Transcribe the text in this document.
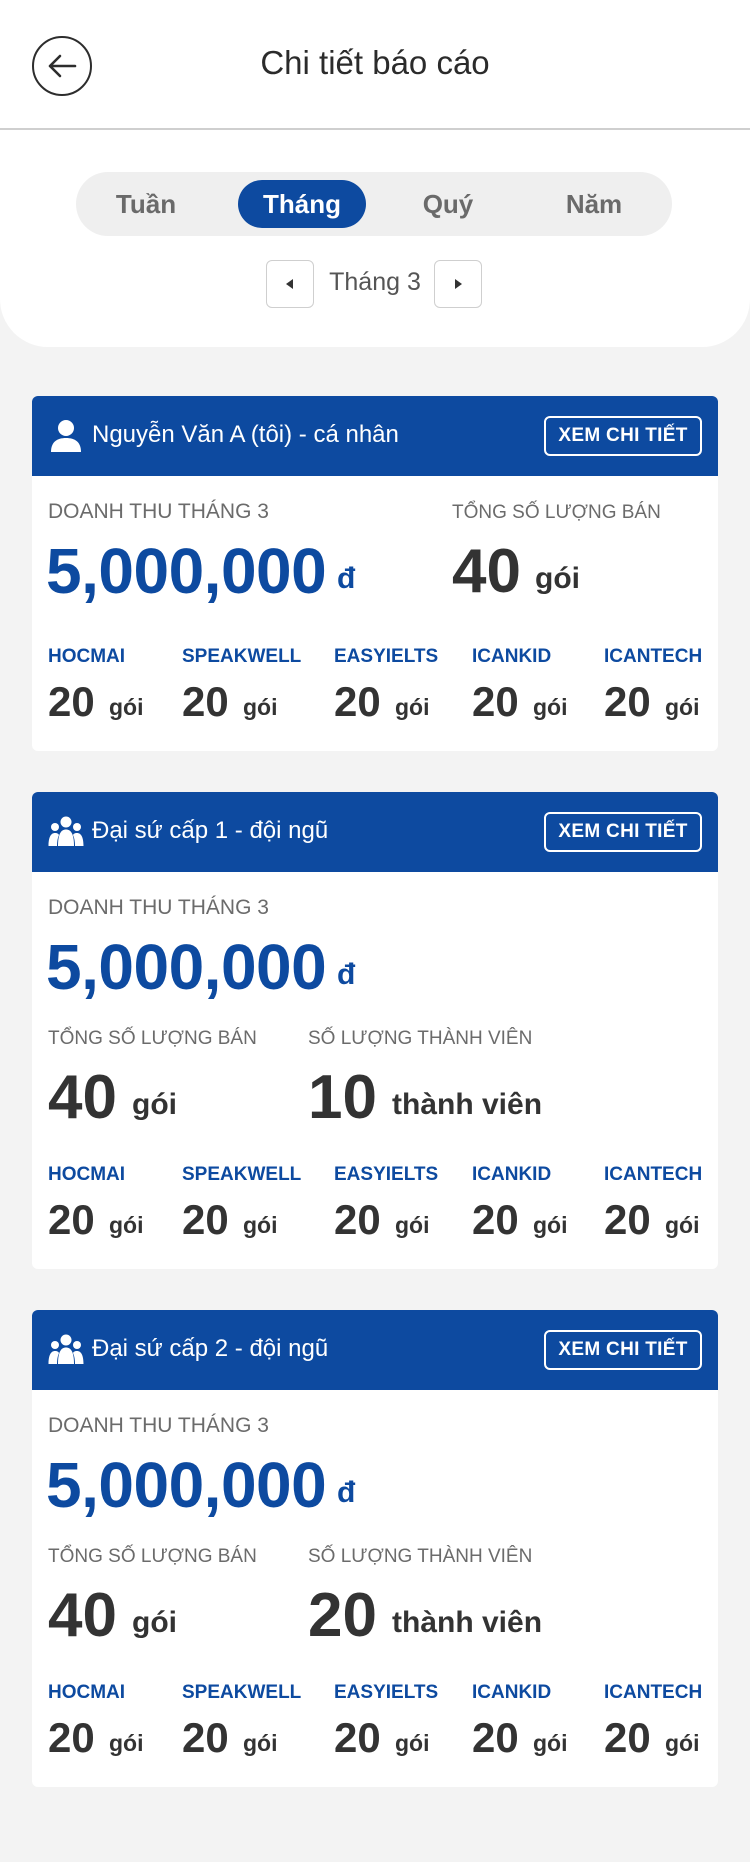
Chi tiết báo cáo
Tuần	Tháng	Quý	Năm
Tháng 3
Nguyễn Văn A (tôi) - cá nhân	XEM CHI TIẾT
DOANH THU THÁNG 3
5,000,000 đ
TỔNG SỐ LƯỢNG BÁN
40 gói
HOCMAI
20 gói
SPEAKWELL
20 gói
EASYIELTS
20 gói
ICANKID
20 gói
ICANTECH
20 gói
Đại sứ cấp 1 - đội ngũ	XEM CHI TIẾT
DOANH THU THÁNG 3
5,000,000 đ
TỔNG SỐ LƯỢNG BÁN
40 gói
SỐ LƯỢNG THÀNH VIÊN
10 thành viên
HOCMAI
20 gói
SPEAKWELL
20 gói
EASYIELTS
20 gói
ICANKID
20 gói
ICANTECH
20 gói
Đại sứ cấp 2 - đội ngũ	XEM CHI TIẾT
DOANH THU THÁNG 3
5,000,000 đ
TỔNG SỐ LƯỢNG BÁN
40 gói
SỐ LƯỢNG THÀNH VIÊN
20 thành viên
HOCMAI
20 gói
SPEAKWELL
20 gói
EASYIELTS
20 gói
ICANKID
20 gói
ICANTECH
20 gói
